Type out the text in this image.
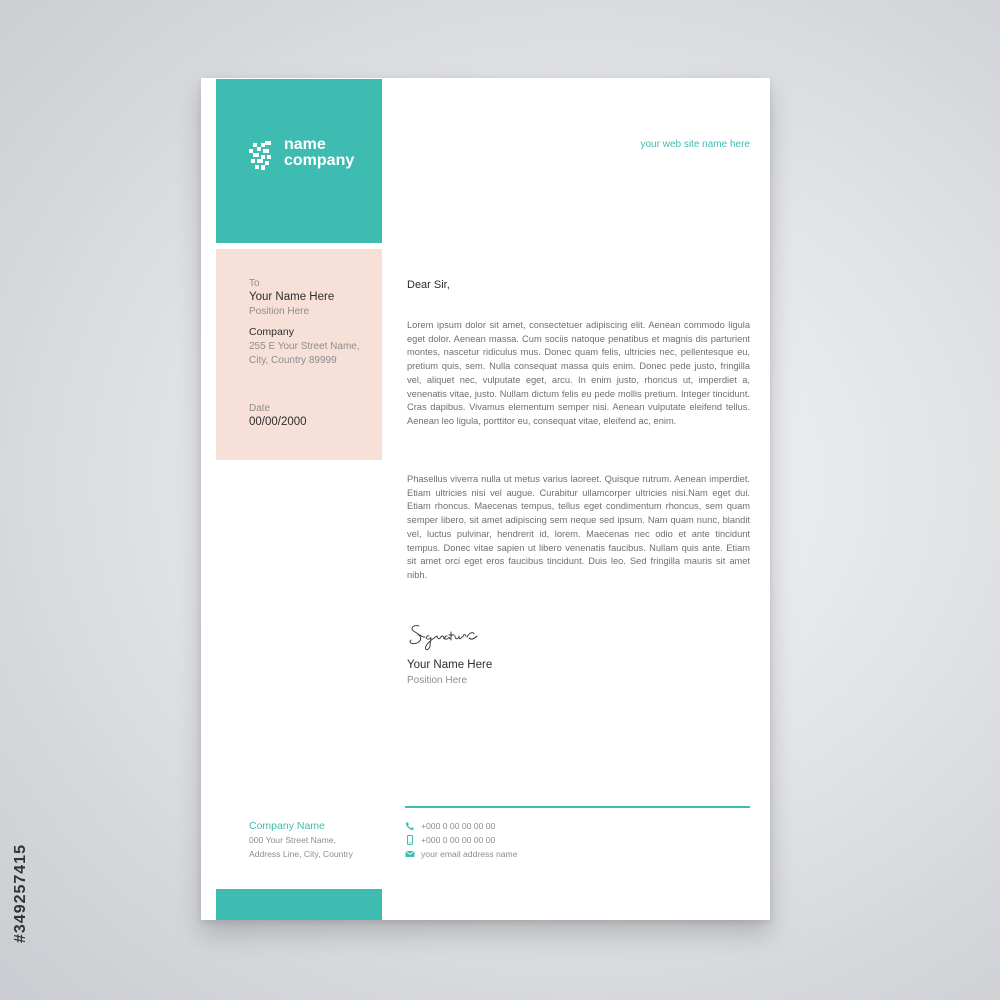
name
company
your web site name here
To
Your Name Here
Position Here
Company
255 E Your Street Name,
City, Country 89999
Date
00/00/2000
Dear Sir,

Lorem ipsum dolor sit amet, consectetuer adipiscing elit. Aenean commodo ligula eget dolor. Aenean massa. Cum sociis natoque penatibus et magnis dis parturient montes, nascetur ridiculus mus. Donec quam felis, ultricies nec, pellentesque eu, pretium quis, sem. Nulla consequat massa quis enim. Donec pede justo, fringilla vel, aliquet nec, vulputate eget, arcu. In enim justo, rhoncus ut, imperdiet a, venenatis vitae, justo. Nullam dictum felis eu pede mollis pretium. Integer tincidunt. Cras dapibus. Vivamus elementum semper nisi. Aenean vulputate eleifend tellus. Aenean leo ligula, porttitor eu, consequat vitae, eleifend ac, enim.

Phasellus viverra nulla ut metus varius laoreet. Quisque rutrum. Aenean imperdiet. Etiam ultricies nisi vel augue. Curabitur ullamcorper ultricies nisi.Nam eget dui. Etiam rhoncus. Maecenas tempus, tellus eget condimentum rhoncus, sem quam semper libero, sit amet adipiscing sem neque sed ipsum. Nam quam nunc, blandit vel, luctus pulvinar, hendrerit id, lorem. Maecenas nec odio et ante tincidunt tempus. Donec vitae sapien ut libero venenatis faucibus. Nullam quis ante. Etiam sit amet orci eget eros faucibus tincidunt. Duis leo. Sed fringilla mauris sit amet nibh.

Your Name Here
Position Here
Company Name
000 Your Street Name,
Address Line, City, Country
+000 0 00 00 00 00
+000 0 00 00 00 00
your email address name
#349257415
